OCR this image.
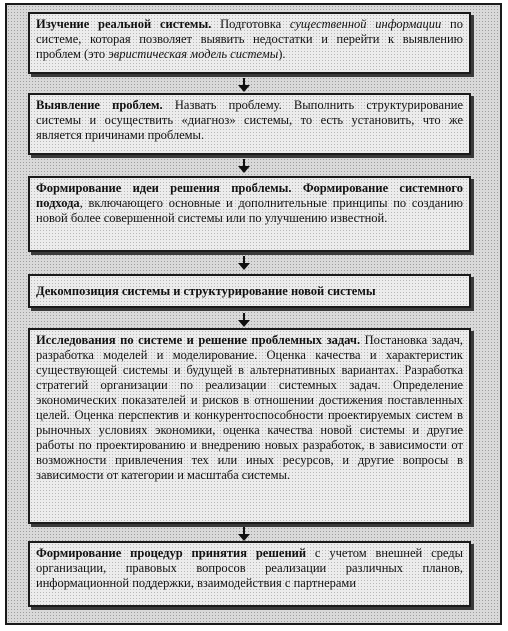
Изучение реальной системы. Подготовка существенной информации по системе, которая позволяет выявить недостатки и перейти к выявлению проблем (это эвристическая модель системы).
Выявление проблем. Назвать проблему. Выполнить структурирование системы и осуществить «диагноз» системы, то есть установить, что же является причинами проблемы.
Формирование идеи решения проблемы. Формирование системного подхода, включающего основные и дополнительные принципы по созданию новой более совершенной системы или по улучшению известной.
Декомпозиция системы и структурирование новой системы
Исследования по системе и решение проблемных задач. Постановка задач, разработка моделей и моделирование. Оценка качества и характеристик существующей системы и будущей в альтернативных вариантах. Разработка стратегий организации по реализации системных задач. Определение экономических показателей и рисков в отношении достижения поставленных целей. Оценка перспектив и конкурентоспособности проектируемых систем в рыночных условиях экономики, оценка качества новой системы и другие работы по проектированию и внедрению новых разработок, в зависимости от возможности привлечения тех или иных ресурсов, и другие вопросы в зависимости от категории и масштаба системы.
Формирование процедур принятия решений с учетом внешней среды организации, правовых вопросов реализации различных планов, информационной поддержки, взаимодействия с партнерами
